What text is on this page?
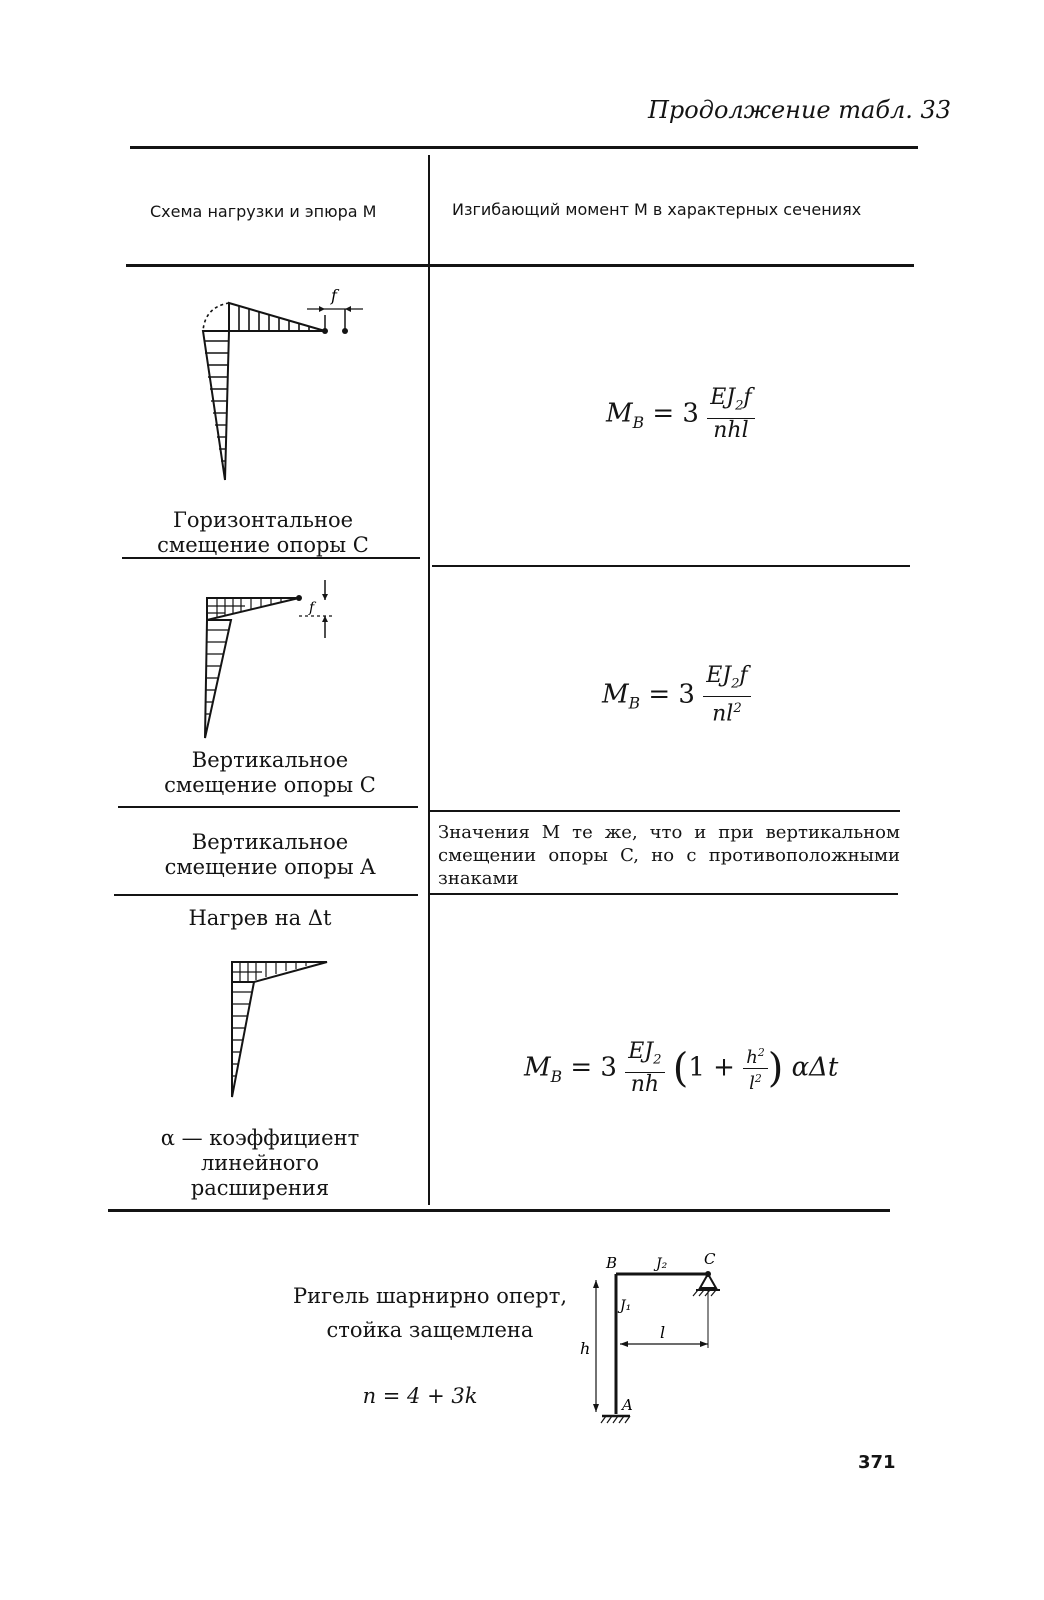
Продолжение табл. 33
Схема нагрузки и эпюра M	Изгибающий момент M в характерных сечениях
f
$M_B = 3 \frac{EJ_2f}{\text{nhl}}$
Горизонтальное смещение опоры C
f
$M_B = 3 \frac{EJ_2f}{nl^2}$
Вертикальное смещение опоры C
Вертикальное смещение опоры A
Значения M те же, что и при вертикальном смещении опоры C, но с противоположными знаками
Нагрев на Δt
$M_B = 3 \frac{EJ_2}{nh} (1 + \frac{h^2}{l^2}$ ) αΔt
α — коэффициент линейного расширения
Ригель шарнирно оперт,
стойка защемлена
n = 4 + 3k
B	C
A
J₂
J₁
h
l
371
